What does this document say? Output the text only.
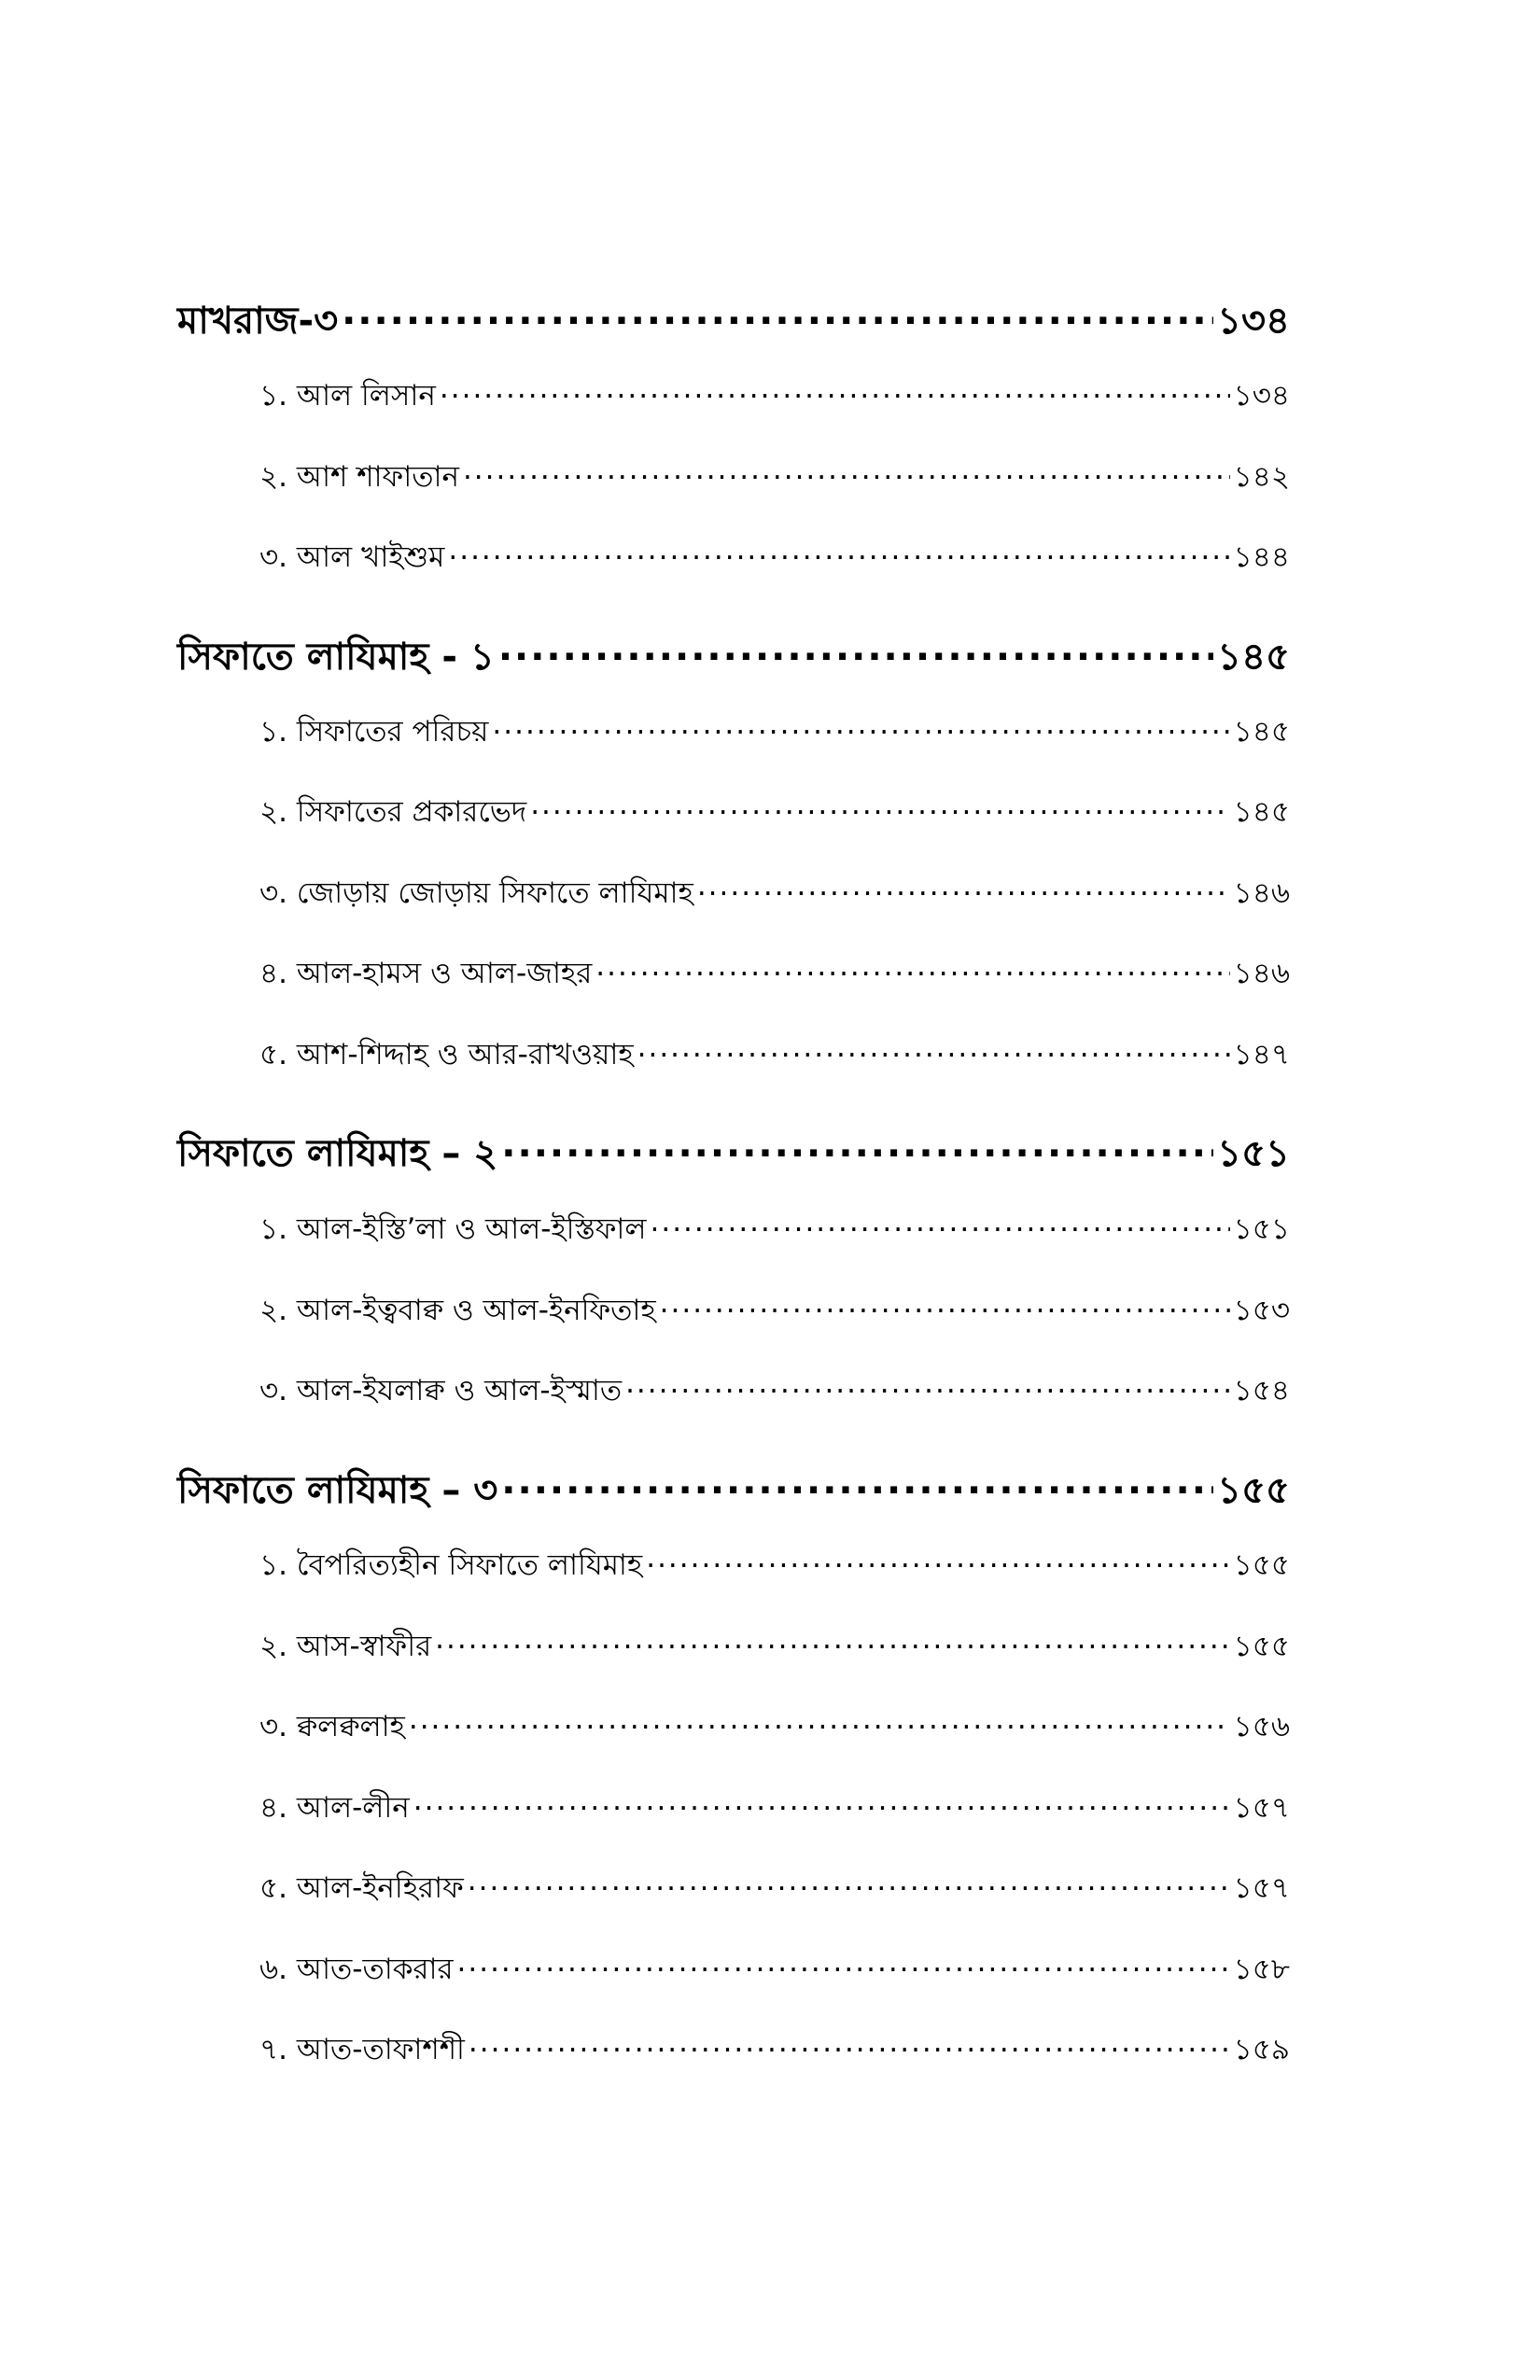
মাখরাজ-৩ .....	১৩৪
১. আল লিসান .....	১৩৪
২. আশ শাফাতান .....	১৪২
৩. আল খাইশুম .....	১৪৪
সিফাতে লাযিমাহ - ১ .....	১৪৫
১. সিফাতের পরিচয় .....	১৪৫
২. সিফাতের প্রকারভেদ .....	১৪৫
৩. জোড়ায় জোড়ায় সিফাতে লাযিমাহ .....	১৪৬
৪. আল-হামস ও আল-জাহর .....	১৪৬
৫. আশ-শিদ্দাহ ও আর-রাখওয়াহ .....	১৪৭
সিফাতে লাযিমাহ – ২ .....	১৫১
১. আল-ইস্তি’লা ও আল-ইস্তিফাল .....	১৫১
২. আল-ইত্ববাক্ব ও আল-ইনফিতাহ .....	১৫৩
৩. আল-ইযলাক্ব ও আল-ইস্মাত .....	১৫৪
সিফাতে লাযিমাহ – ৩ .....	১৫৫
১. বৈপরিত্যহীন সিফাতে লাযিমাহ .....	১৫৫
২. আস-স্বাফীর .....	১৫৫
৩. ক্বলক্বলাহ .....	১৫৬
৪. আল-লীন .....	১৫৭
৫. আল-ইনহিরাফ .....	১৫৭
৬. আত-তাকরার .....	১৫৮
৭. আত-তাফাশশী .....	১৫৯
